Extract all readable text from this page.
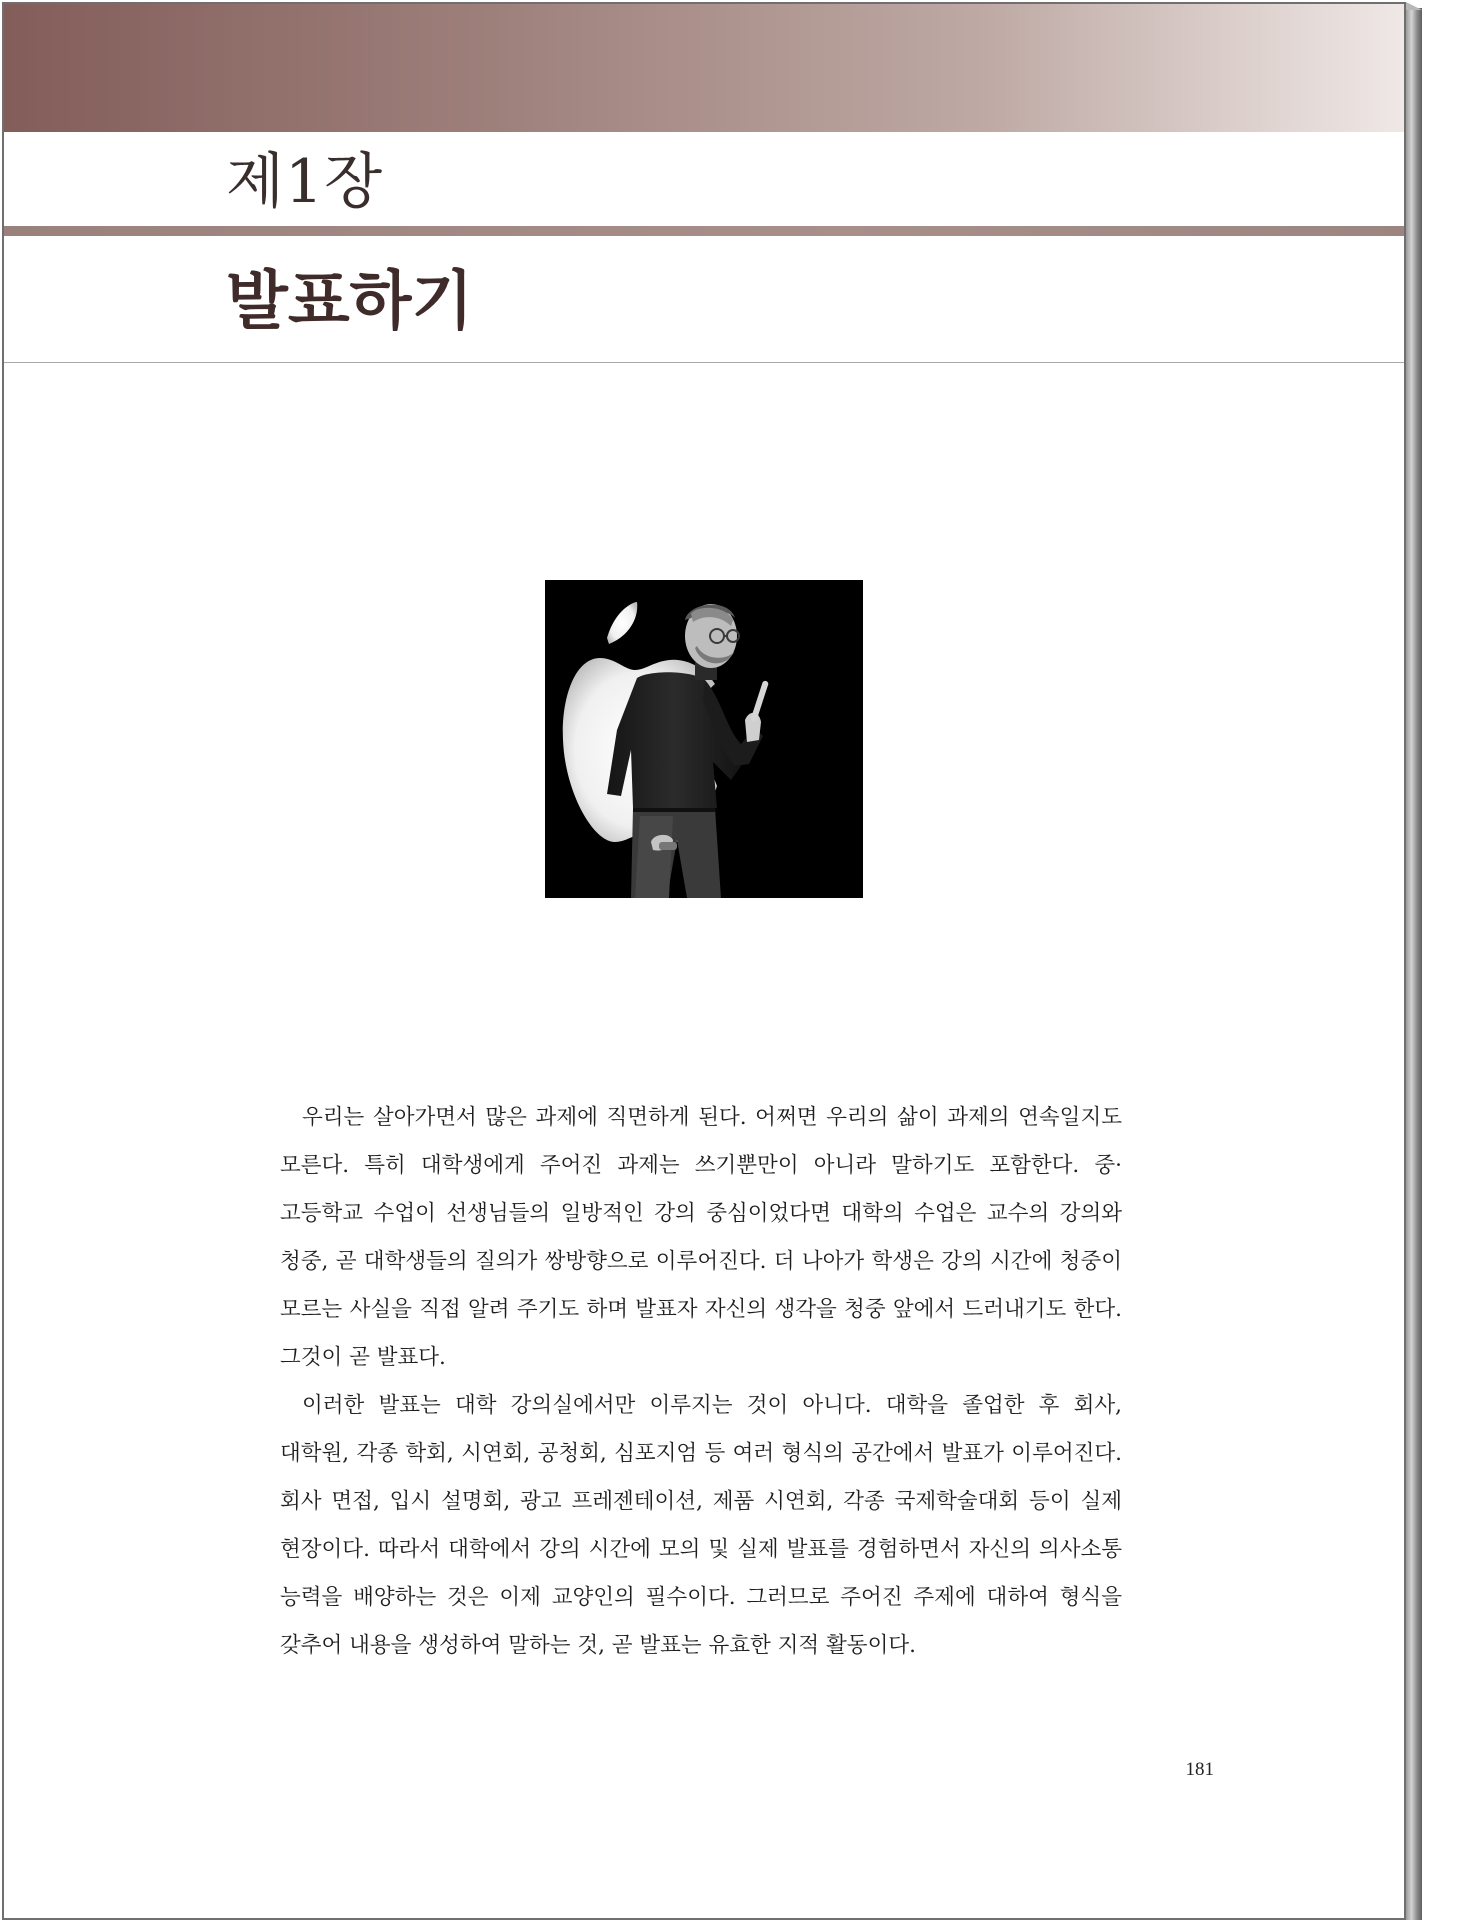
제1장
발표하기

우리는 살아가면서 많은 과제에 직면하게 된다. 어쩌면 우리의 삶이 과제의 연속일지도 모른다. 특히 대학생에게 주어진 과제는 쓰기뿐만이 아니라 말하기도 포함한다. 중·고등학교 수업이 선생님들의 일방적인 강의 중심이었다면 대학의 수업은 교수의 강의와 청중, 곧 대학생들의 질의가 쌍방향으로 이루어진다. 더 나아가 학생은 강의 시간에 청중이 모르는 사실을 직접 알려 주기도 하며 발표자 자신의 생각을 청중 앞에서 드러내기도 한다. 그것이 곧 발표다.

이러한 발표는 대학 강의실에서만 이루지는 것이 아니다. 대학을 졸업한 후 회사, 대학원, 각종 학회, 시연회, 공청회, 심포지엄 등 여러 형식의 공간에서 발표가 이루어진다. 회사 면접, 입시 설명회, 광고 프레젠테이션, 제품 시연회, 각종 국제학술대회 등이 실제 현장이다. 따라서 대학에서 강의 시간에 모의 및 실제 발표를 경험하면서 자신의 의사소통 능력을 배양하는 것은 이제 교양인의 필수이다. 그러므로 주어진 주제에 대하여 형식을 갖추어 내용을 생성하여 말하는 것, 곧 발표는 유효한 지적 활동이다.

181
